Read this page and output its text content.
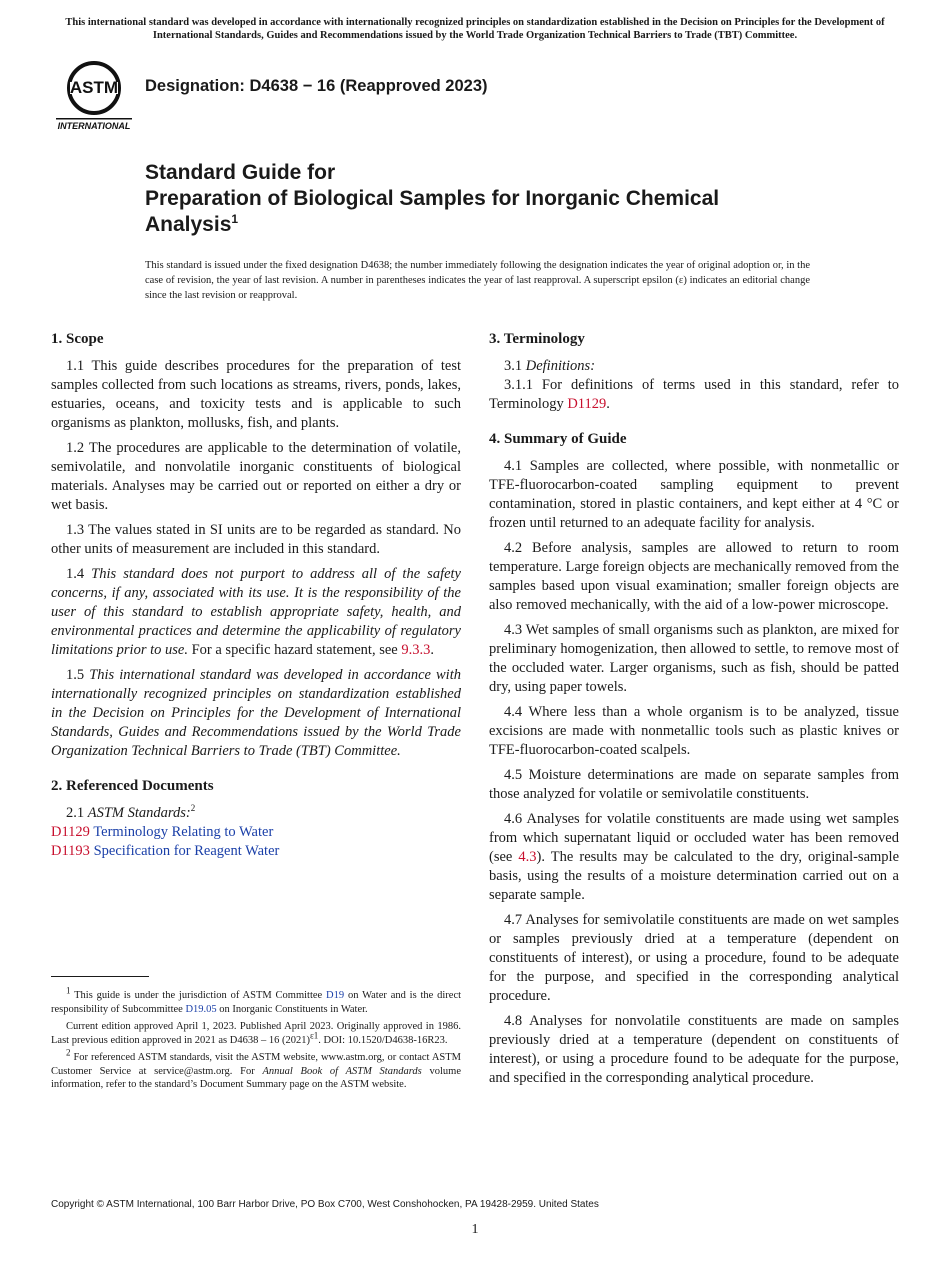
This international standard was developed in accordance with internationally recognized principles on standardization established in the Decision on Principles for the Development of International Standards, Guides and Recommendations issued by the World Trade Organization Technical Barriers to Trade (TBT) Committee.
ASTM
INTERNATIONAL
Designation: D4638 − 16 (Reapproved 2023)
Standard Guide for
Preparation of Biological Samples for Inorganic Chemical
Analysis$^1$
This standard is issued under the fixed designation D4638; the number immediately following the designation indicates the year of original adoption or, in the case of revision, the year of last revision. A number in parentheses indicates the year of last reapproval. A superscript epsilon (ε) indicates an editorial change since the last revision or reapproval.
1. Scope

1.1 This guide describes procedures for the preparation of test samples collected from such locations as streams, rivers, ponds, lakes, estuaries, oceans, and toxicity tests and is applicable to such organisms as plankton, mollusks, fish, and plants.

1.2 The procedures are applicable to the determination of volatile, semivolatile, and nonvolatile inorganic constituents of biological materials. Analyses may be carried out or reported on either a dry or wet basis.

1.3 The values stated in SI units are to be regarded as standard. No other units of measurement are included in this standard.

1.4 This standard does not purport to address all of the safety concerns, if any, associated with its use. It is the responsibility of the user of this standard to establish appropriate safety, health, and environmental practices and determine the applicability of regulatory limitations prior to use. For a specific hazard statement, see 9.3.3.

1.5 This international standard was developed in accordance with internationally recognized principles on standardization established in the Decision on Principles for the Development of International Standards, Guides and Recommendations issued by the World Trade Organization Technical Barriers to Trade (TBT) Committee.

2. Referenced Documents

2.1 ASTM Standards:$^2$

D1129 Terminology Relating to Water
D1193 Specification for Reagent Water
3. Terminology

3.1 Definitions:

3.1.1 For definitions of terms used in this standard, refer to Terminology D1129.

4. Summary of Guide

4.1 Samples are collected, where possible, with nonmetallic or TFE-fluorocarbon-coated sampling equipment to prevent contamination, stored in plastic containers, and kept either at 4 °C or frozen until returned to an adequate facility for analysis.

4.2 Before analysis, samples are allowed to return to room temperature. Large foreign objects are mechanically removed from the samples based upon visual examination; smaller foreign objects are also removed mechanically, with the aid of a low-power microscope.

4.3 Wet samples of small organisms such as plankton, are mixed for preliminary homogenization, then allowed to settle, to remove most of the occluded water. Larger organisms, such as fish, should be patted dry, using paper towels.

4.4 Where less than a whole organism is to be analyzed, tissue excisions are made with nonmetallic tools such as plastic knives or TFE-fluorocarbon-coated scalpels.

4.5 Moisture determinations are made on separate samples from those analyzed for volatile or semivolatile constituents.

4.6 Analyses for volatile constituents are made using wet samples from which supernatant liquid or occluded water has been removed (see 4.3). The results may be calculated to the dry, original-sample basis, using the results of a moisture determination carried out on a separate sample.

4.7 Analyses for semivolatile constituents are made on wet samples or samples previously dried at a temperature (dependent on constituents of interest), or using a procedure, found to be adequate for the purpose, and specified in the corresponding analytical procedure.

4.8 Analyses for nonvolatile constituents are made on samples previously dried at a temperature (dependent on constituents of interest), or using a procedure found to be adequate for the purpose, and specified in the corresponding analytical procedure.

$^1$ This guide is under the jurisdiction of ASTM Committee D19 on Water and is the direct responsibility of Subcommittee D19.05 on Inorganic Constituents in Water.

Current edition approved April 1, 2023. Published April 2023. Originally approved in 1986. Last previous edition approved in 2021 as D4638 – 16 $(2021)^{\varepsilon 1}$. DOI: 10.1520/D4638-16R23.

$^2$ For referenced ASTM standards, visit the ASTM website, www.astm.org, or contact ASTM Customer Service at service@astm.org. For Annual Book of ASTM Standards volume information, refer to the standard’s Document Summary page on the ASTM website.

Copyright © ASTM International, 100 Barr Harbor Drive, PO Box C700, West Conshohocken, PA 19428-2959. United States
1
